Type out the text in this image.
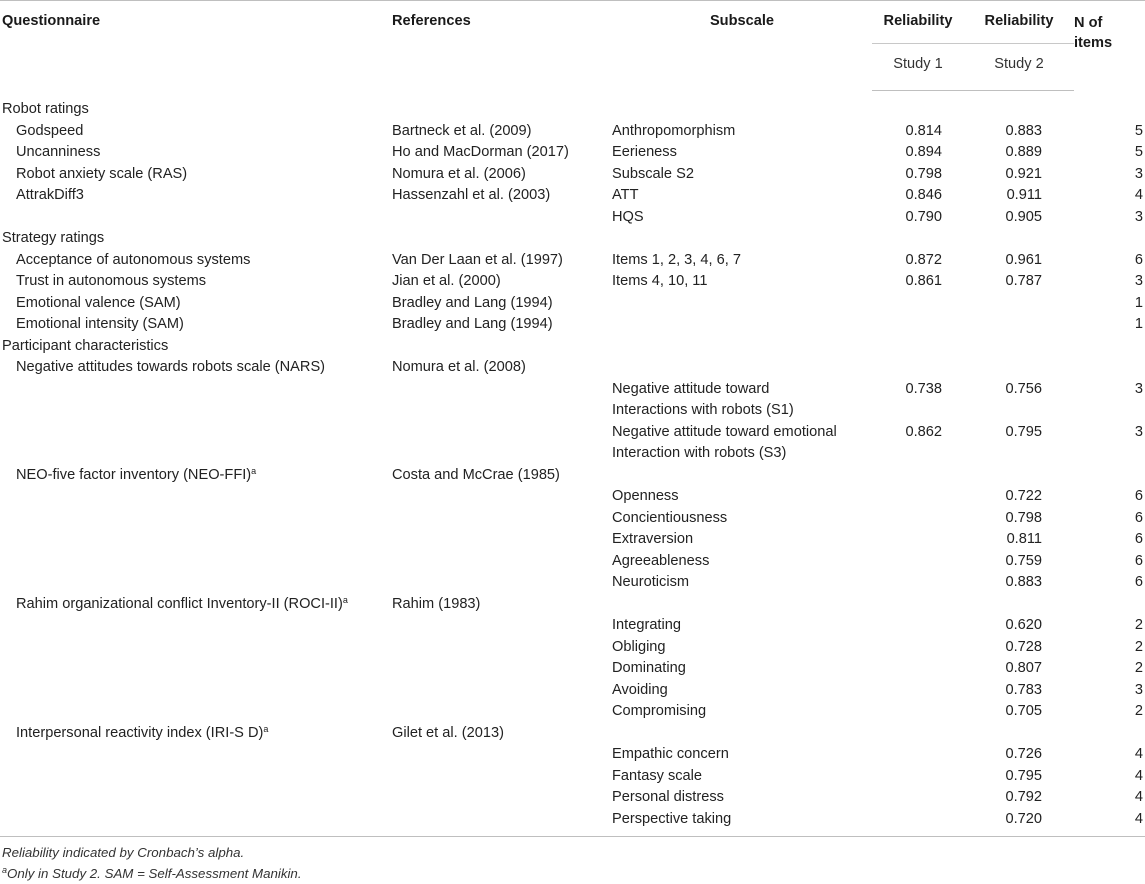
Questionnaire	References	Subscale	Reliability	Reliability	N of
items
			Study 1	Study 2	

Robot ratings					
Godspeed	Bartneck et al. (2009)	Anthropomorphism	0.814	0.883	5
Uncanniness	Ho and MacDorman (2017)	Eerieness	0.894	0.889	5
Robot anxiety scale (RAS)	Nomura et al. (2006)	Subscale S2	0.798	0.921	3
AttrakDiff3	Hassenzahl et al. (2003)	ATT	0.846	0.911	4
		HQS	0.790	0.905	3
Strategy ratings					
Acceptance of autonomous systems	Van Der Laan et al. (1997)	Items 1, 2, 3, 4, 6, 7	0.872	0.961	6
Trust in autonomous systems	Jian et al. (2000)	Items 4, 10, 11	0.861	0.787	3
Emotional valence (SAM)	Bradley and Lang (1994)				1
Emotional intensity (SAM)	Bradley and Lang (1994)				1
Participant characteristics					
Negative attitudes towards robots scale (NARS)	Nomura et al. (2008)				
		Negative attitude toward	0.738	0.756	3
		Interactions with robots (S1)			
		Negative attitude toward emotional	0.862	0.795	3
		Interaction with robots (S3)			
NEO-five factor inventory $(NEO-FFI)^a$	Costa and McCrae (1985)				
		Openness		0.722	6
		Concientiousness		0.798	6
		Extraversion		0.811	6
		Agreeableness		0.759	6
		Neuroticism		0.883	6
Rahim organizational conflict Inventory-II (ROCI-II)$^a$	Rahim (1983)				
		Integrating		0.620	2
		Obliging		0.728	2
		Dominating		0.807	2
		Avoiding		0.783	3
		Compromising		0.705	2
Interpersonal reactivity index (IRI-S D)$^a$	Gilet et al. (2013)				
		Empathic concern		0.726	4
		Fantasy scale		0.795	4
		Personal distress		0.792	4
		Perspective taking		0.720	4

Reliability indicated by Cronbach’s alpha.
$^a$Only in Study 2. SAM = Self-Assessment Manikin.
